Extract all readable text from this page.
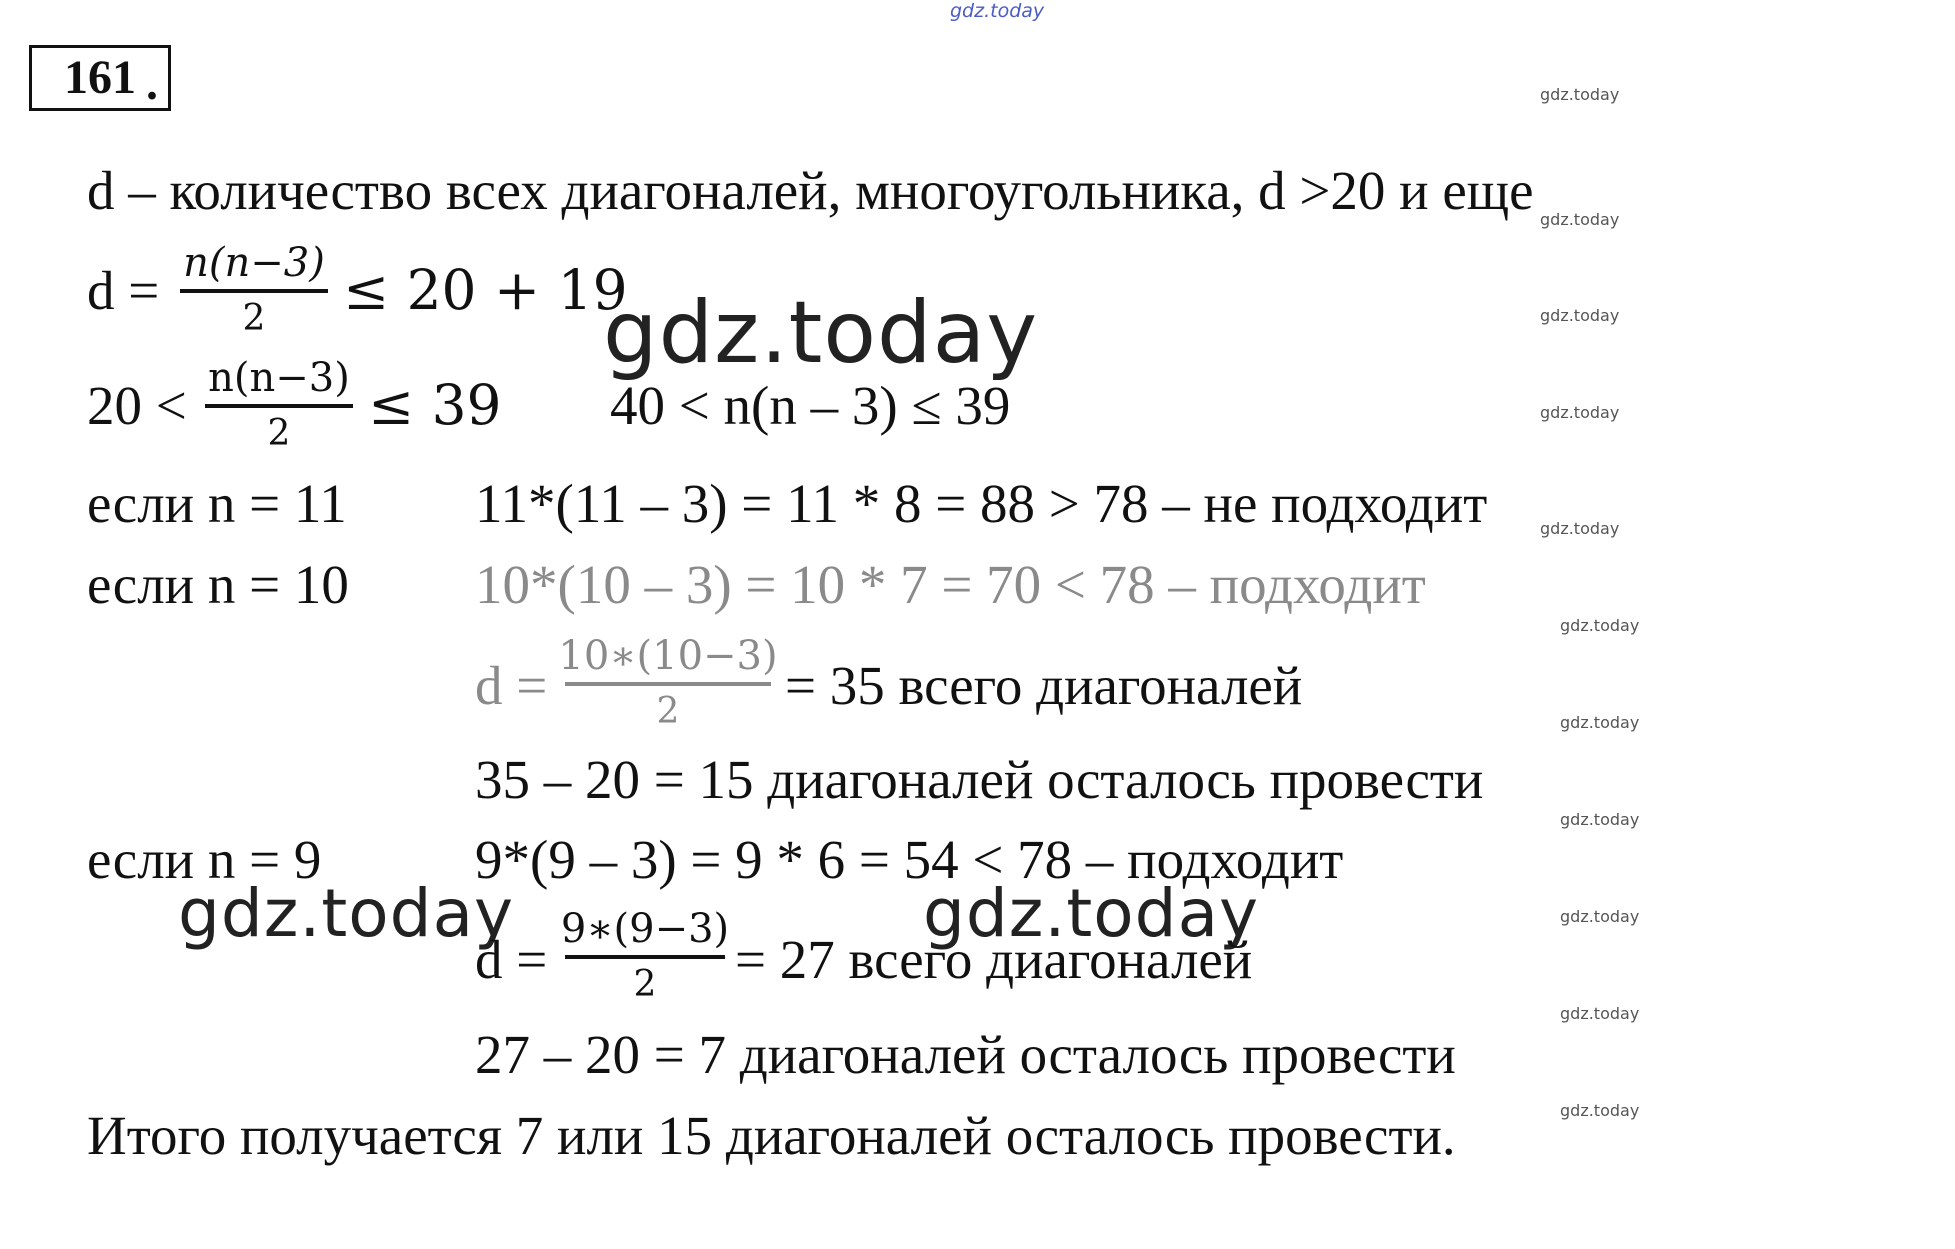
gdz.today
161 .
d – количество всех диагоналей, многоугольника, d >20 и еще
d = n(n−3)
2 ≤ 20 + 19
gdz.today
20 < n(n−3)
2 ≤ 39 40 < n(n – 3) ≤ 39
если n = 11 11*(11 – 3) = 11 * 8 = 88 > 78 – не подходит
если n = 10 10*(10 – 3) = 10 * 7 = 70 < 78 – подходит
d = 10∗(10−3)
2 = 35 всего диагоналей
35 – 20 = 15 диагоналей осталось провести
если n = 9	9*(9 – 3) = 9 * 6 = 54 < 78 – подходит
gdz.today	gdz.today
d = 9∗(9−3)
2 = 27 всего диагоналей
27 – 20 = 7 диагоналей осталось провести
Итого получается 7 или 15 диагоналей осталось провести.
gdz.today
gdz.today
gdz.today
gdz.today
gdz.today
gdz.today
gdz.today
gdz.today
gdz.today
gdz.today
gdz.today
